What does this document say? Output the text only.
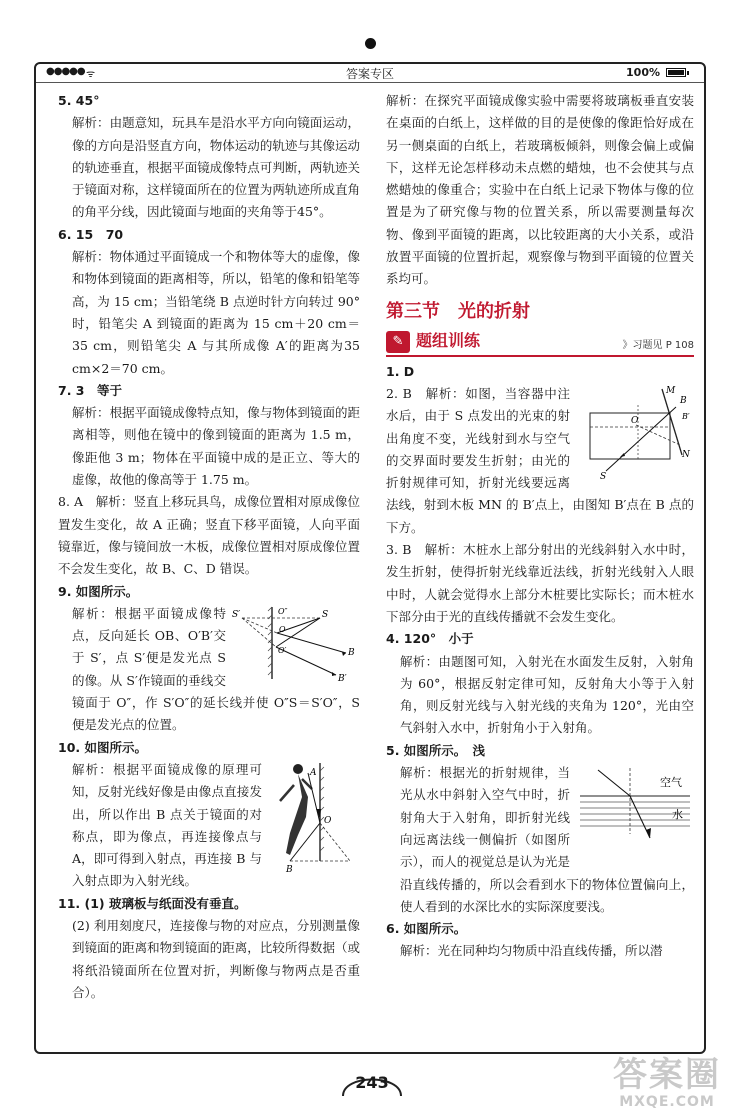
●●●●● ᯤ	答案专区	100%

5. 45°

解析：由题意知，玩具车是沿水平方向向镜面运动，像的方向是沿竖直方向，物体运动的轨迹与其像运动的轨迹垂直，根据平面镜成像特点可判断，两轨迹关于镜面对称，这样镜面所在的位置为两轨迹所成直角的角平分线，因此镜面与地面的夹角等于45°。

6. 15　70

解析：物体通过平面镜成一个和物体等大的虚像，像和物体到镜面的距离相等，所以，铅笔的像和铅笔等高，为 15 cm；当铅笔绕 B 点逆时针方向转过 90°时，铅笔尖 A 到镜面的距离为 15 cm＋20 cm＝35 cm，则铅笔尖 A 与其所成像 A′的距离为35 cm×2＝70 cm。

7. 3　等于

解析：根据平面镜成像特点知，像与物体到镜面的距离相等，则他在镜中的像到镜面的距离为 1.5 m，像距他 3 m；物体在平面镜中成的是正立、等大的虚像，故他的像高等于 1.75 m。

8. A　解析：竖直上移玩具鸟，成像位置相对原成像位置发生变化，故 A 正确；竖直下移平面镜，人向平面镜靠近，像与镜间放一木板，成像位置相对原成像位置不会发生变化，故 B、C、D 错误。

9. 如图所示。

S′	O″	S
O
O′	B
B′

解析：根据平面镜成像特点，反向延长 OB、O′B′交于 S′，点 S′便是发光点 S 的像。从 S′作镜面的垂线交镜面于 O″，作 S′O″的延长线并使 O″S＝S′O″，S 便是发光点的位置。

10. 如图所示。

A
O
B

解析：根据平面镜成像的原理可知，反射光线好像是由像点直接发出，所以作出 B 点关于镜面的对称点，即为像点，再连接像点与 A，即可得到入射点，再连接 B 与入射点即为入射光线。

11. (1) 玻璃板与纸面没有垂直。

(2) 利用刻度尺，连接像与物的对应点，分别测量像到镜面的距离和物到镜面的距离，比较所得数据（或将纸沿镜面所在位置对折，判断像与物两点是否重合）。

解析：在探究平面镜成像实验中需要将玻璃板垂直安装在桌面的白纸上，这样做的目的是使像的像距恰好成在另一侧桌面的白纸上，若玻璃板倾斜，则像会偏上或偏下，这样无论怎样移动未点燃的蜡烛，也不会使其与点燃蜡烛的像重合；实验中在白纸上记录下物体与像的位置是为了研究像与物的位置关系，所以需要测量每次物、像到平面镜的距离，以比较距离的大小关系，或沿放置平面镜的位置折起，观察像与物到平面镜的位置关系均可。

第三节 光的折射
✎ 题组训练	》习题见 P 108

1. D

M
B
B′
O
N
S

2. B　解析：如图，当容器中注水后，由于 S 点发出的光束的射出角度不变，光线射到水与空气的交界面时要发生折射；由光的折射规律可知，折射光线要远离法线，射到木板 MN 的 B′点上，由图知 B′点在 B 点的下方。

3. B　解析：木桩水上部分射出的光线斜射入水中时，发生折射，使得折射光线靠近法线，折射光线射入人眼中时，人就会觉得水上部分木桩要比实际长；而木桩水下部分由于光的直线传播就不会发生变化。

4. 120°　小于

解析：由题图可知，入射光在水面发生反射，入射角为 60°，根据反射定律可知，反射角大小等于入射角，则反射光线与入射光线的夹角为 120°，光由空气斜射入水中，折射角小于入射角。

5. 如图所示。　浅

空气
水

解析：根据光的折射规律，当光从水中斜射入空气中时，折射角大于入射角，即折射光线向远离法线一侧偏折（如图所示），而人的视觉总是认为光是沿直线传播的，所以会看到水下的物体位置偏向上，使人看到的水深比水的实际深度要浅。

6. 如图所示。

解析：光在同种均匀物质中沿直线传播，所以潜

243	答案圈
MXQE.COM
